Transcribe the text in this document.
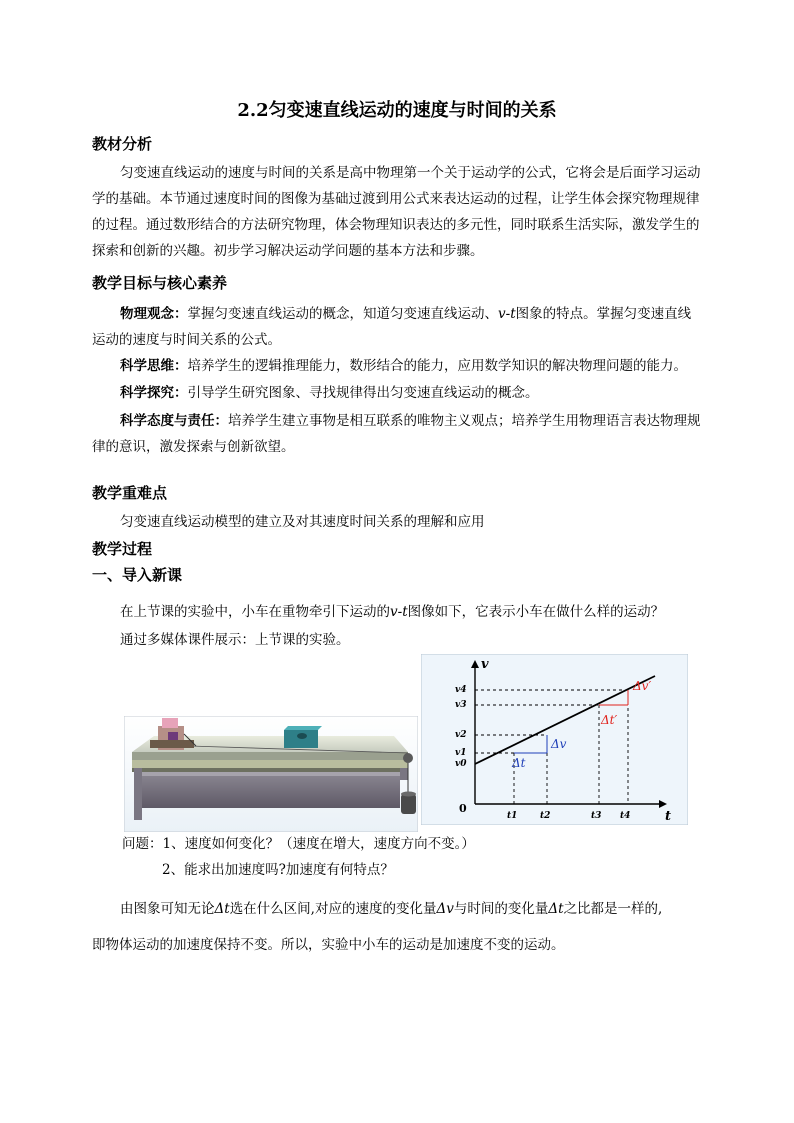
2.2匀变速直线运动的速度与时间的关系
教材分析
匀变速直线运动的速度与时间的关系是高中物理第一个关于运动学的公式，它将会是后面学习运动学的基础。本节通过速度时间的图像为基础过渡到用公式来表达运动的过程，让学生体会探究物理规律的过程。通过数形结合的方法研究物理，体会物理知识表达的多元性，同时联系生活实际，激发学生的探索和创新的兴趣。初步学习解决运动学问题的基本方法和步骤。
教学目标与核心素养
物理观念：掌握匀变速直线运动的概念，知道匀变速直线运动、v-t图象的特点。掌握匀变速直线运动的速度与时间关系的公式。
科学思维：培养学生的逻辑推理能力，数形结合的能力，应用数学知识的解决物理问题的能力。
科学探究：引导学生研究图象、寻找规律得出匀变速直线运动的概念。
科学态度与责任：培养学生建立事物是相互联系的唯物主义观点；培养学生用物理语言表达物理规律的意识，激发探索与创新欲望。
教学重难点
匀变速直线运动模型的建立及对其速度时间关系的理解和应用
教学过程
一、导入新课
在上节课的实验中，小车在重物牵引下运动的v-t图像如下，它表示小车在做什么样的运动？
通过多媒体课件展示：上节课的实验。
v
t
0
v4
v3
v2
v1
v0
t1	t2	t3 t4
Δv
Δt
Δv′
Δt′
问题：1、速度如何变化？（速度在增大，速度方向不变。）
2、能求出加速度吗?加速度有何特点？
由图象可知无论Δt选在什么区间,对应的速度的变化量Δv与时间的变化量Δt之比都是一样的,
即物体运动的加速度保持不变。所以，实验中小车的运动是加速度不变的运动。
